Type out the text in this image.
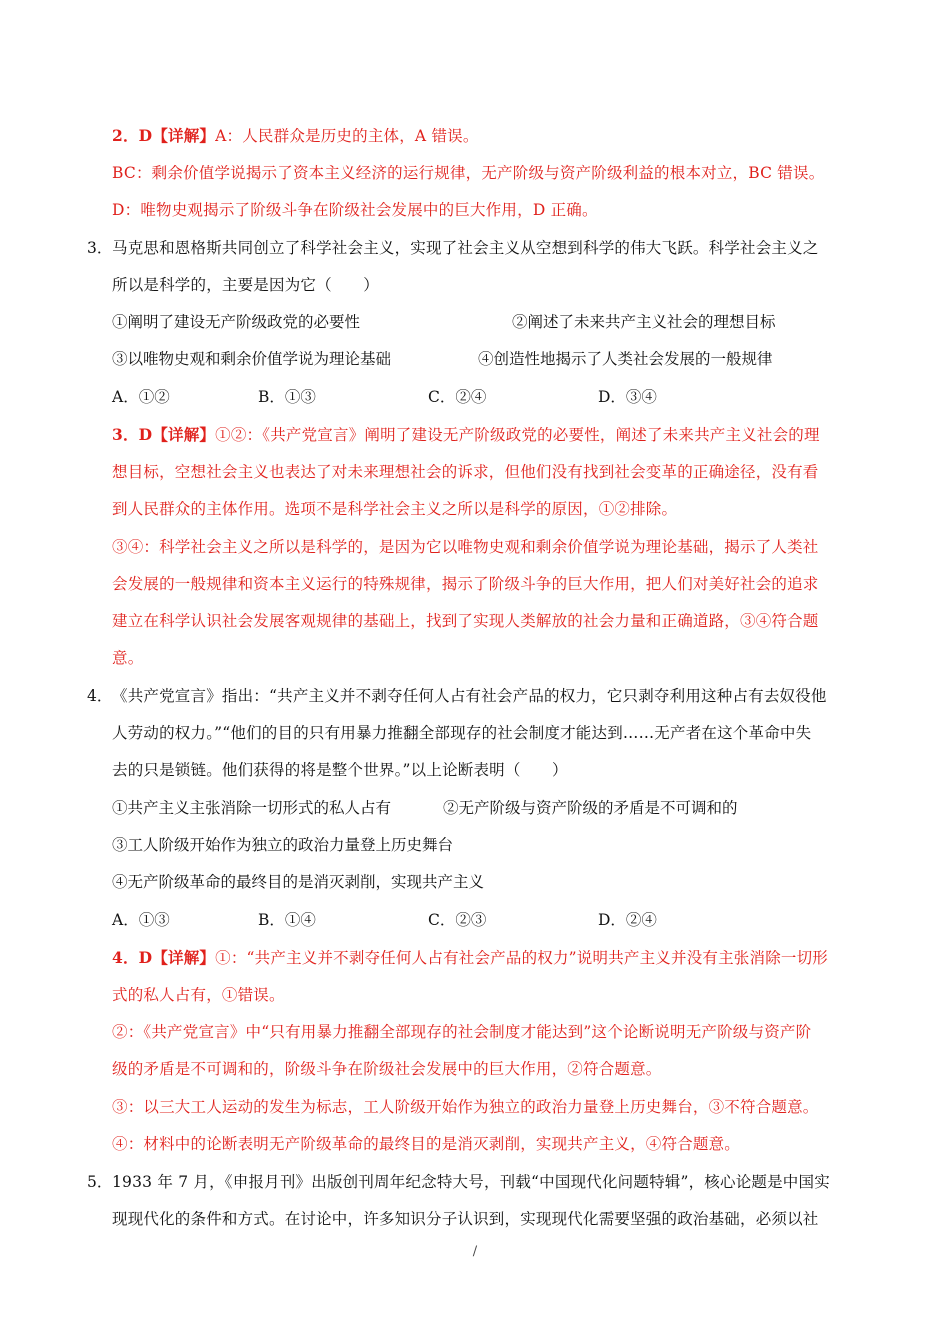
2．D【详解】A：人民群众是历史的主体，A 错误。
BC：剩余价值学说揭示了资本主义经济的运行规律，无产阶级与资产阶级利益的根本对立，BC 错误。
D：唯物史观揭示了阶级斗争在阶级社会发展中的巨大作用，D 正确。
3． 马克思和恩格斯共同创立了科学社会主义，实现了社会主义从空想到科学的伟大飞跃。科学社会主义之
所以是科学的，主要是因为它（　　）
①阐明了建设无产阶级政党的必要性	②阐述了未来共产主义社会的理想目标
③以唯物史观和剩余价值学说为理论基础	④创造性地揭示了人类社会发展的一般规律
A．①②	B．①③	C．②④	D．③④
3．D【详解】①②：《共产党宣言》阐明了建设无产阶级政党的必要性，阐述了未来共产主义社会的理
想目标，空想社会主义也表达了对未来理想社会的诉求，但他们没有找到社会变革的正确途径，没有看
到人民群众的主体作用。选项不是科学社会主义之所以是科学的原因，①②排除。
③④：科学社会主义之所以是科学的，是因为它以唯物史观和剩余价值学说为理论基础，揭示了人类社
会发展的一般规律和资本主义运行的特殊规律，揭示了阶级斗争的巨大作用，把人们对美好社会的追求
建立在科学认识社会发展客观规律的基础上，找到了实现人类解放的社会力量和正确道路，③④符合题
意。
4． 《共产党宣言》指出：“共产主义并不剥夺任何人占有社会产品的权力，它只剥夺利用这种占有去奴役他
人劳动的权力。”“他们的目的只有用暴力推翻全部现存的社会制度才能达到……无产者在这个革命中失
去的只是锁链。他们获得的将是整个世界。”以上论断表明（　　）
①共产主义主张消除一切形式的私人占有	②无产阶级与资产阶级的矛盾是不可调和的
③工人阶级开始作为独立的政治力量登上历史舞台
④无产阶级革命的最终目的是消灭剥削，实现共产主义
A．①③	B．①④	C．②③	D．②④
4．D【详解】①：“共产主义并不剥夺任何人占有社会产品的权力”说明共产主义并没有主张消除一切形
式的私人占有，①错误。
②：《共产党宣言》中“只有用暴力推翻全部现存的社会制度才能达到”这个论断说明无产阶级与资产阶
级的矛盾是不可调和的，阶级斗争在阶级社会发展中的巨大作用，②符合题意。
③：以三大工人运动的发生为标志，工人阶级开始作为独立的政治力量登上历史舞台，③不符合题意。
④：材料中的论断表明无产阶级革命的最终目的是消灭剥削，实现共产主义，④符合题意。
5． 1933 年 7 月，《申报月刊》出版创刊周年纪念特大号，刊载“中国现代化问题特辑”，核心论题是中国实
现现代化的条件和方式。在讨论中，许多知识分子认识到，实现现代化需要坚强的政治基础，必须以社
/
